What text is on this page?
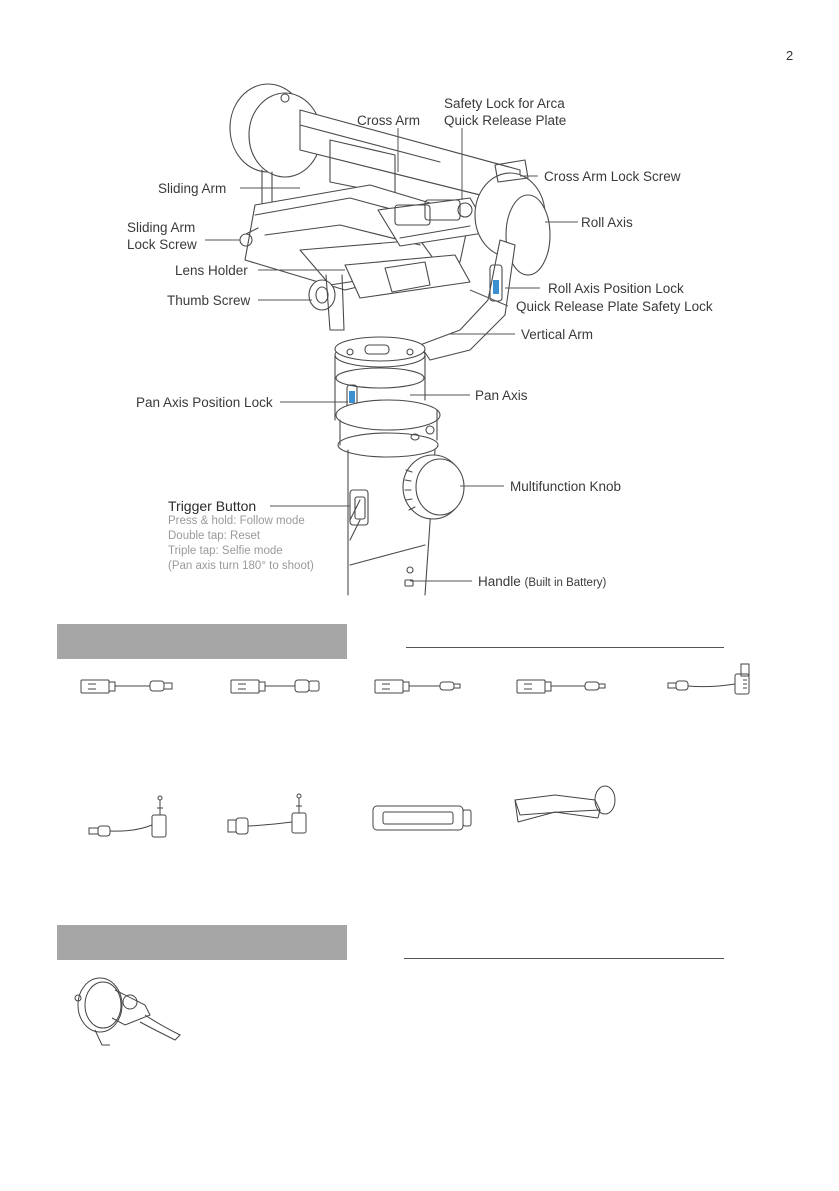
2
Safety Lock for Arca
Quick Release Plate
Cross Arm
Cross Arm Lock Screw
Sliding Arm
Sliding Arm
Lock Screw
Roll Axis
Lens Holder
Roll Axis Position Lock
Thumb Screw	Quick Release Plate Safety Lock
Vertical Arm
Pan Axis
Pan Axis Position Lock
Multifunction Knob
Handle (Built in Battery)
Trigger Button
Press & hold: Follow mode
Double tap: Reset
Triple tap: Selfie mode
(Pan axis turn 180° to shoot)
